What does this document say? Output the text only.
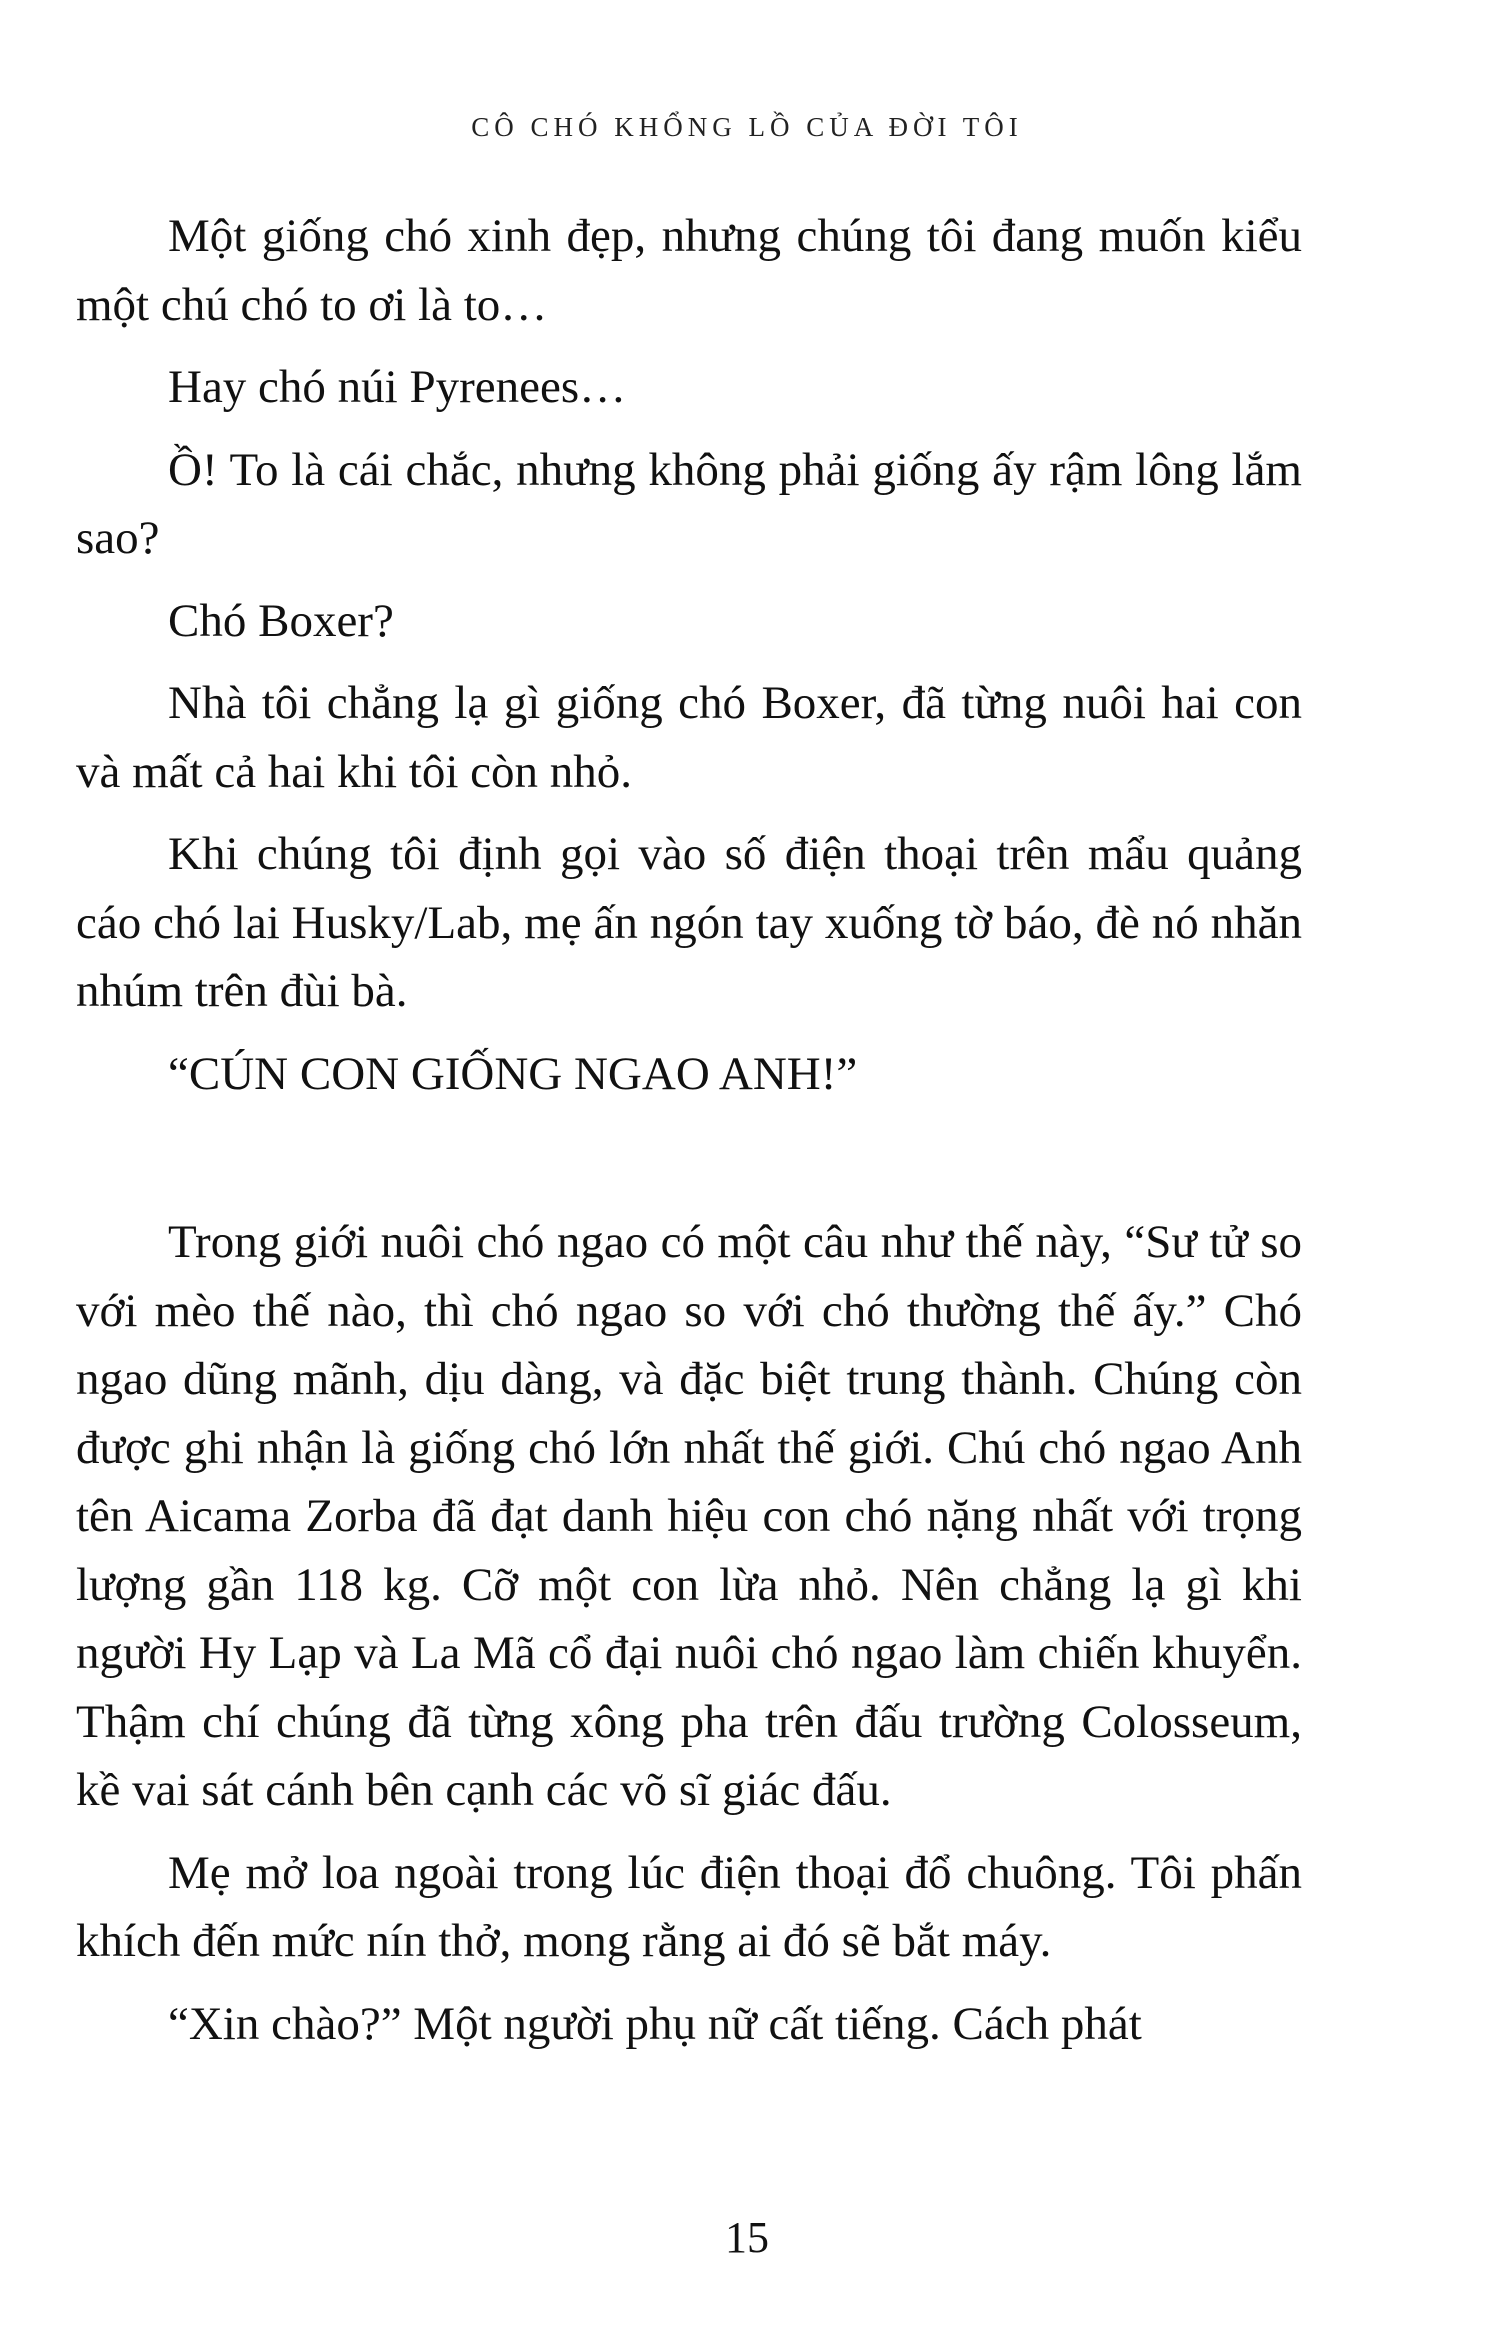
CÔ CHÓ KHỔNG LỒ CỦA ĐỜI TÔI

Một giống chó xinh đẹp, nhưng chúng tôi đang muốn kiểu một chú chó to ơi là to…

Hay chó núi Pyrenees…

Ồ! To là cái chắc, nhưng không phải giống ấy rậm lông lắm sao?

Chó Boxer?

Nhà tôi chẳng lạ gì giống chó Boxer, đã từng nuôi hai con và mất cả hai khi tôi còn nhỏ.

Khi chúng tôi định gọi vào số điện thoại trên mẩu quảng cáo chó lai Husky/Lab, mẹ ấn ngón tay xuống tờ báo, đè nó nhăn nhúm trên đùi bà.

“CÚN CON GIỐNG NGAO ANH!”

Trong giới nuôi chó ngao có một câu như thế này, “Sư tử so với mèo thế nào, thì chó ngao so với chó thường thế ấy.” Chó ngao dũng mãnh, dịu dàng, và đặc biệt trung thành. Chúng còn được ghi nhận là giống chó lớn nhất thế giới. Chú chó ngao Anh tên Aicama Zorba đã đạt danh hiệu con chó nặng nhất với trọng lượng gần 118 kg. Cỡ một con lừa nhỏ. Nên chẳng lạ gì khi người Hy Lạp và La Mã cổ đại nuôi chó ngao làm chiến khuyển. Thậm chí chúng đã từng xông pha trên đấu trường Colosseum, kề vai sát cánh bên cạnh các võ sĩ giác đấu.

Mẹ mở loa ngoài trong lúc điện thoại đổ chuông. Tôi phấn khích đến mức nín thở, mong rằng ai đó sẽ bắt máy.

“Xin chào?” Một người phụ nữ cất tiếng. Cách phát

15
